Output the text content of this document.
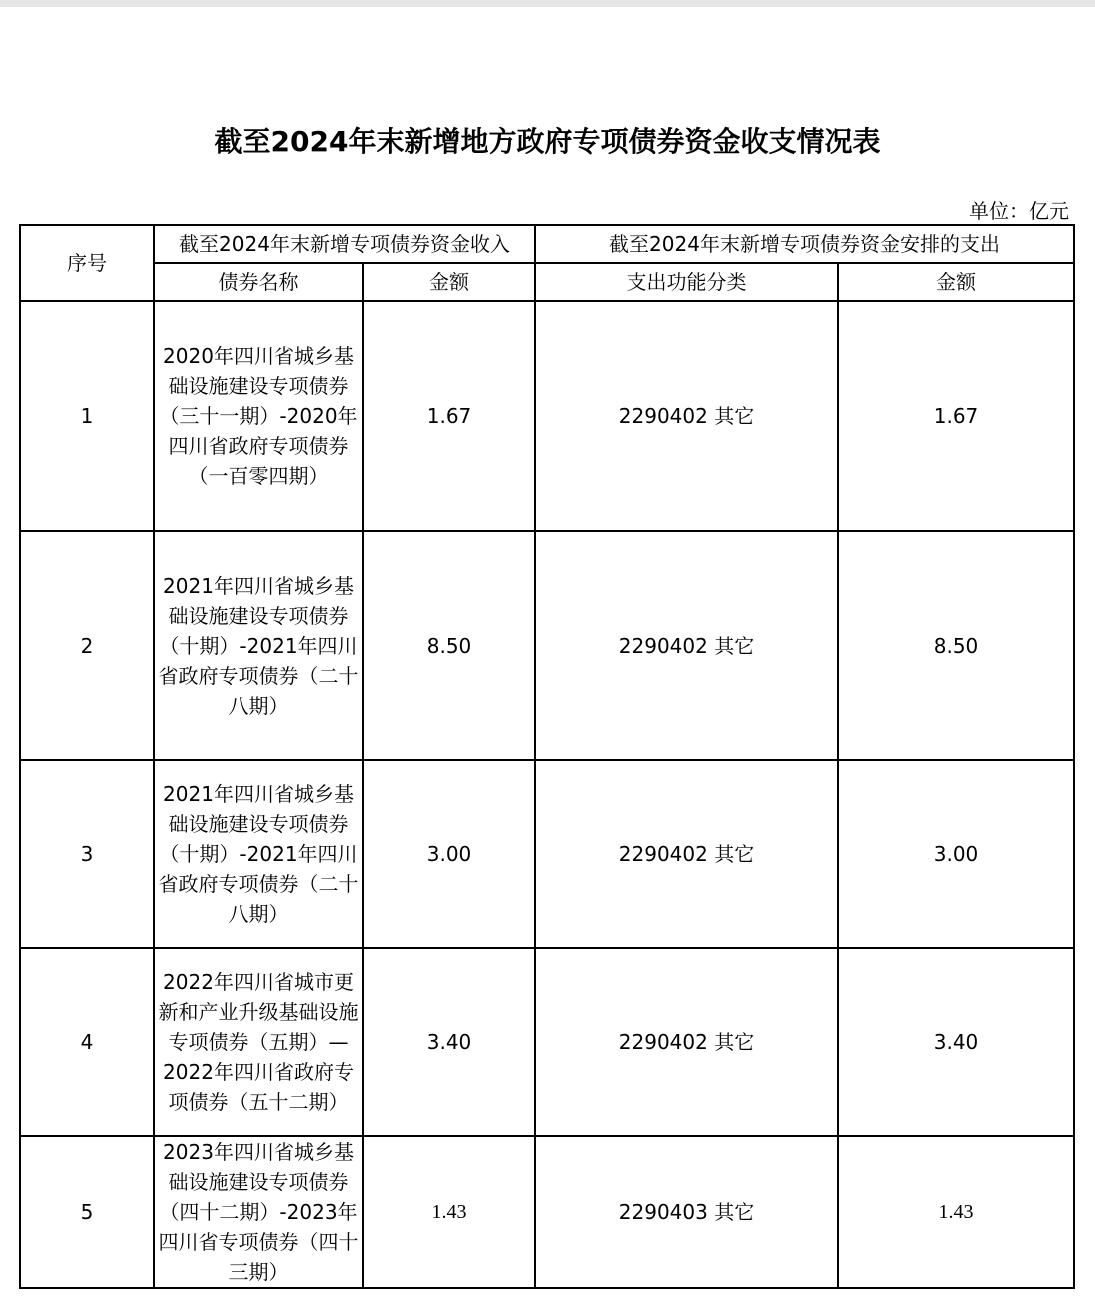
截至2024年末新增地方政府专项债券资金收支情况表
单位：亿元
序号	截至2024年末新增专项债券资金收入		截至2024年末新增专项债券资金安排的支出	
	债券名称	金额	支出功能分类	金额
1	2020年四川省城乡基础设施建设专项债券（三十一期）-2020年四川省政府专项债券（一百零四期）	1.67	2290402 其它	1.67
2	2021年四川省城乡基础设施建设专项债券（十期）-2021年四川省政府专项债券（二十八期）	8.50	2290402 其它	8.50
3	2021年四川省城乡基础设施建设专项债券（十期）-2021年四川省政府专项债券（二十八期）	3.00	2290402 其它	3.00
4	2022年四川省城市更新和产业升级基础设施专项债券（五期）—2022年四川省政府专项债券（五十二期）	3.40	2290402 其它	3.40
5	2023年四川省城乡基础设施建设专项债券（四十二期）-2023年四川省专项债券（四十三期）	1.43	2290403 其它	1.43
